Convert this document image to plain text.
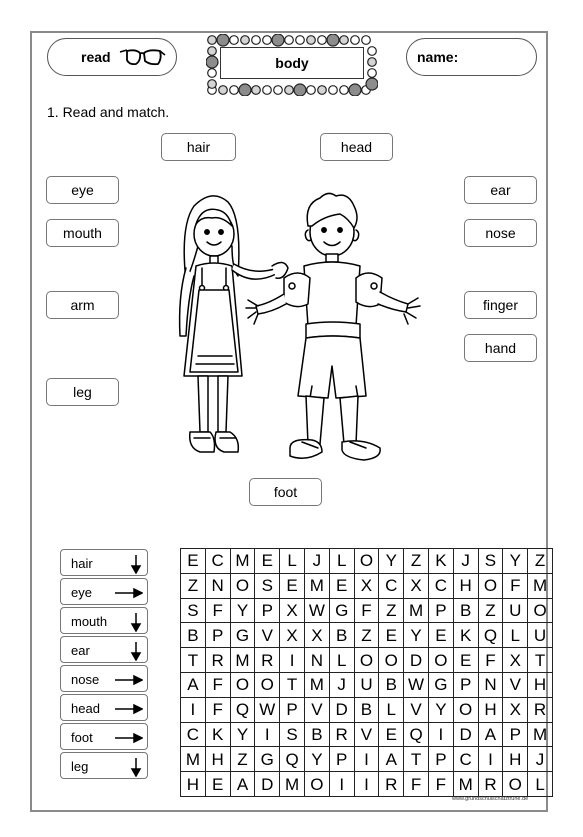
read	body	name:
1. Read and match.
hair	head
eye	ear
mouth	nose
arm	finger
hand
leg
foot
hair
eye
mouth
ear
nose
head
foot
leg
E	C	M	E	L	J	L	O	Y	Z	K	J	S	Y	Z
Z	N	O	S	E	M	E	X	C	X	C	H	O	F	M
S	F	Y	P	X	W	G	F	Z	M	P	B	Z	U	O
B	P	G	V	X	X	B	Z	E	Y	E	K	Q	L	U
T	R	M	R	I	N	L	O	O	D	O	E	F	X	T
A	F	O	O	T	M	J	U	B	W	G	P	N	V	H
I	F	Q	W	P	V	D	B	L	V	Y	O	H	X	R
C	K	Y	I	S	B	R	V	E	Q	I	D	A	P	M
M	H	Z	G	Q	Y	P	I	A	T	P	C	I	H	J
H	E	A	D	M	O	I	I	R	F	F	M	R	O	L
www.grundschulschatztruhe.de
